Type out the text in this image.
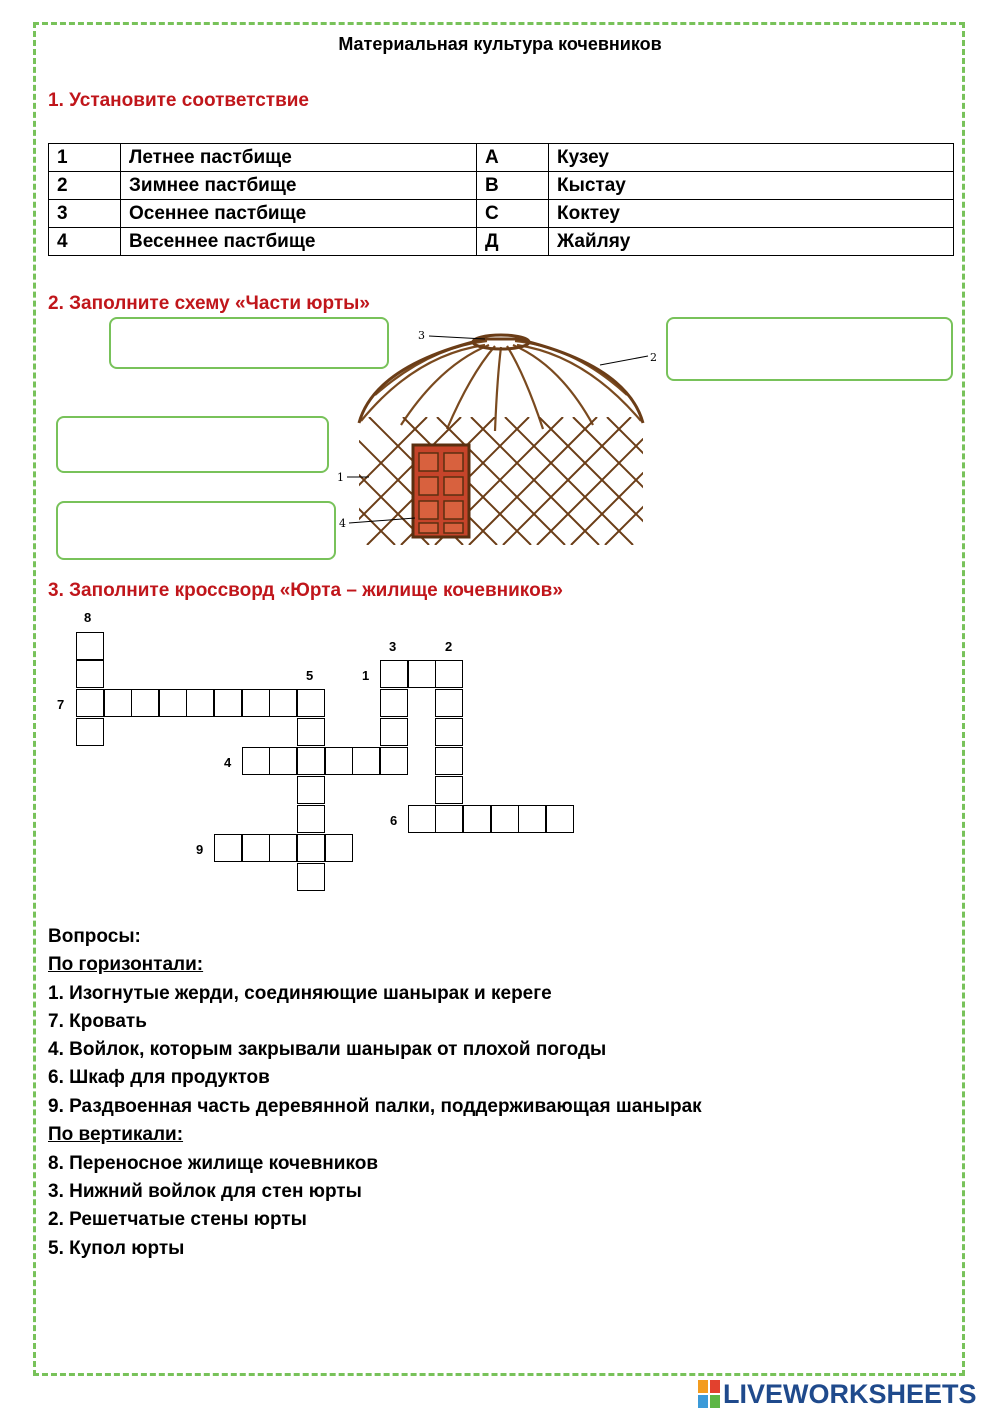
Материальная культура кочевников
1. Установите соответствие
1	Летнее пастбище	А	Кузеу
2	Зимнее пастбище	В	Кыстау
3	Осеннее пастбище	С	Коктеу
4	Весеннее пастбище	Д	Жайляу
2. Заполните схему «Части юрты»
3
2
1
4
3. Заполните кроссворд «Юрта – жилище кочевников»
8
3	2
5	1
7
4
6
9
Вопросы:
По горизонтали:
1. Изогнутые жерди, соединяющие шанырак и кереге
7. Кровать
4. Войлок, которым закрывали шанырак от плохой погоды
6. Шкаф для продуктов
9. Раздвоенная часть деревянной палки, поддерживающая шанырак
По вертикали:
8. Переносное жилище кочевников
3. Нижний войлок для стен юрты
2. Решетчатые стены юрты
5. Купол юрты
LIVEWORKSHEETS
